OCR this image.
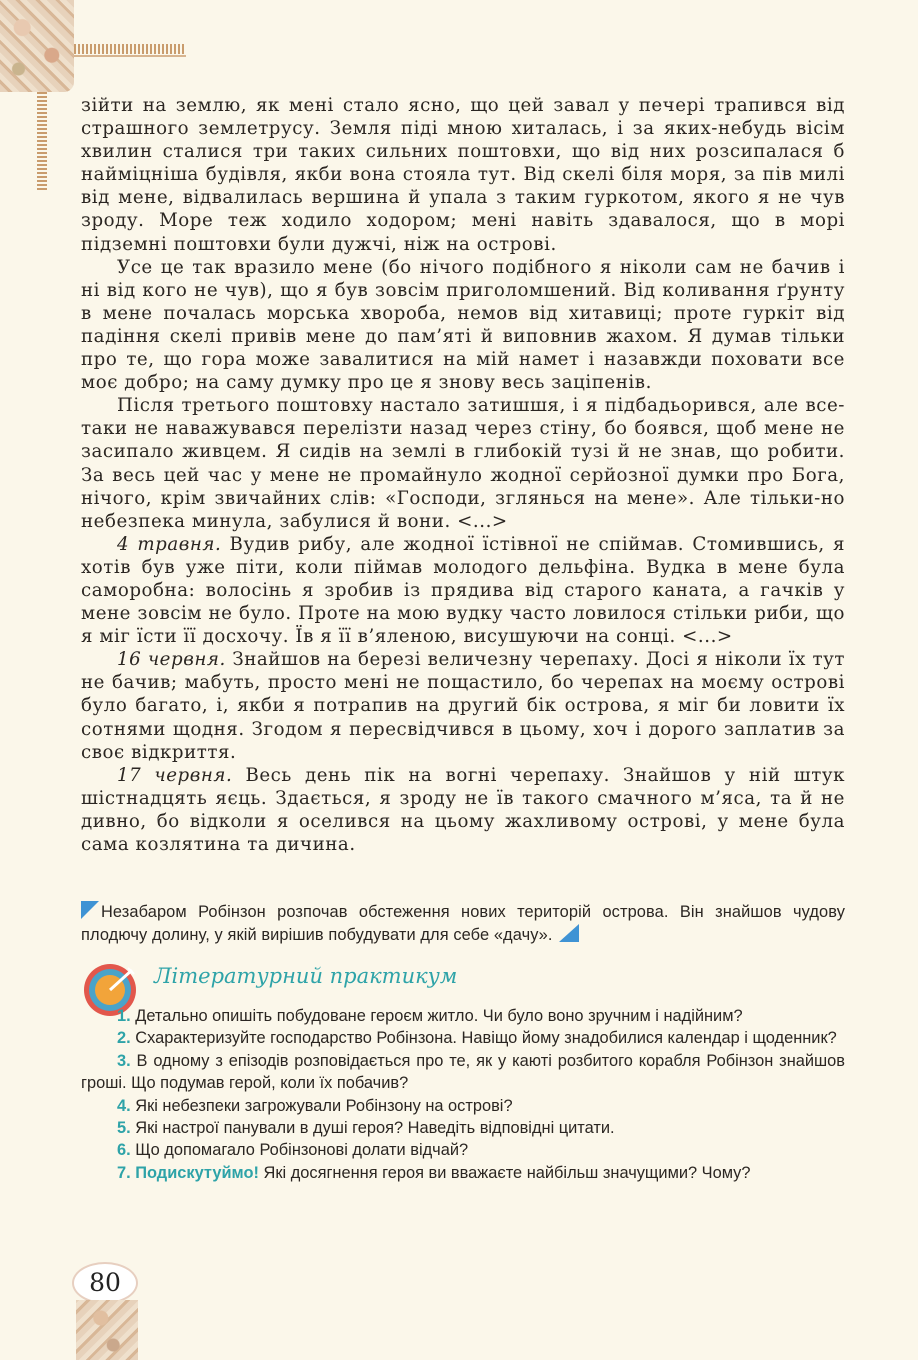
зійти на землю, як мені стало ясно, що цей завал у печері трапився від страшного землетрусу. Земля піді мною хиталась, і за яких-небудь вісім хвилин сталися три таких сильних поштовхи, що від них розсипалася б найміцніша будівля, якби вона стояла тут. Від скелі біля моря, за пів милі від мене, відвалилась вершина й упала з таким гуркотом, якого я не чув зроду. Море теж ходило ходором; мені навіть здавалося, що в морі підземні поштовхи були дужчі, ніж на острові.

Усе це так вразило мене (бо нічого подібного я ніколи сам не бачив і ні від кого не чув), що я був зовсім приголомшений. Від коливання ґрунту в мене почалась морська хвороба, немов від хитавиці; проте гуркіт від падіння скелі привів мене до пам’яті й виповнив жахом. Я думав тільки про те, що гора може завалитися на мій намет і назавжди поховати все моє добро; на саму думку про це я знову весь заціпенів.

Після третього поштовху настало затишшя, і я підбадьорився, але все-таки не наважувався перелізти назад через стіну, бо боявся, щоб мене не засипало живцем. Я сидів на землі в глибокій тузі й не знав, що робити. За весь цей час у мене не промайнуло жодної серйозної думки про Бога, нічого, крім звичайних слів: «Господи, зглянься на мене». Але тільки-но небезпека минула, забулися й вони. <...>

4 травня. Вудив рибу, але жодної їстівної не спіймав. Стомившись, я хотів був уже піти, коли піймав молодого дельфіна. Вудка в мене була саморобна: волосінь я зробив із прядива від старого каната, а гачків у мене зовсім не було. Проте на мою вудку часто ловилося стільки риби, що я міг їсти її досхочу. Їв я її в’яленою, висушуючи на сонці. <...>

16 червня. Знайшов на березі величезну черепаху. Досі я ніколи їх тут не бачив; мабуть, просто мені не пощастило, бо черепах на моєму острові було багато, і, якби я потрапив на другий бік острова, я міг би ловити їх сотнями щодня. Згодом я пересвідчився в цьому, хоч і дорого заплатив за своє відкриття.

17 червня. Весь день пік на вогні черепаху. Знайшов у ній штук шістнадцять яєць. Здається, я зроду не їв такого смачного м’яса, та й не дивно, бо відколи я оселився на цьому жахливому острові, у мене була сама козлятина та дичина.

Незабаром Робінзон розпочав обстеження нових територій острова. Він знайшов чудову плодючу долину, у якій вирішив побудувати для себе «дачу».
Літературний практикум

1. Детально опишіть побудоване героєм житло. Чи було воно зручним і надійним?

2. Схарактеризуйте господарство Робінзона. Навіщо йому знадобилися календар і щоденник?

3. В одному з епізодів розповідається про те, як у каюті розбитого корабля Робінзон знайшов гроші. Що подумав герой, коли їх побачив?

4. Які небезпеки загрожували Робінзону на острові?

5. Які настрої панували в душі героя? Наведіть відповідні цитати.

6. Що допомагало Робінзонові долати відчай?

7. Подискутуймо! Які досягнення героя ви вважаєте найбільш значущими? Чому?

80
